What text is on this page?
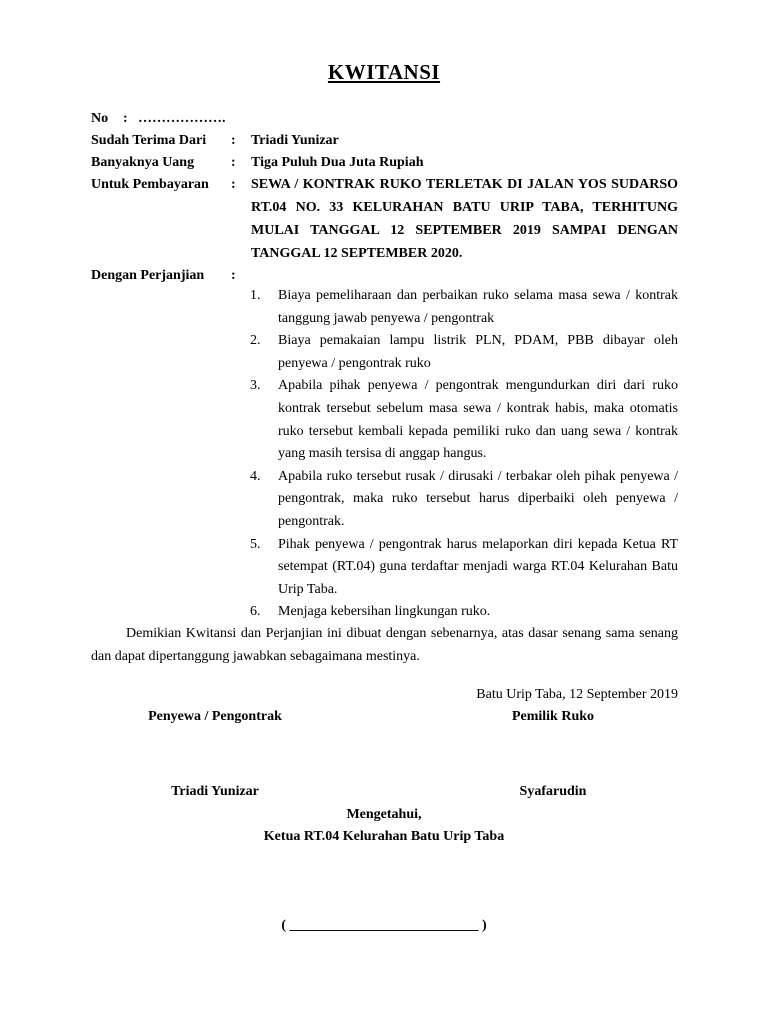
KWITANSI
No : ……………….
Sudah Terima Dari : Triadi Yunizar
Banyaknya Uang	: Tiga Puluh Dua Juta Rupiah
Untuk Pembayaran : SEWA / KONTRAK RUKO TERLETAK DI JALAN YOS SUDARSO RT.04 NO. 33 KELURAHAN BATU URIP TABA, TERHITUNG MULAI TANGGAL 12 SEPTEMBER 2019 SAMPAI DENGAN TANGGAL 12 SEPTEMBER 2020.
Dengan Perjanjian :
1. Biaya pemeliharaan dan perbaikan ruko selama masa sewa / kontrak tanggung jawab penyewa / pengontrak
2. Biaya pemakaian lampu listrik PLN, PDAM, PBB dibayar oleh penyewa / pengontrak ruko
3. Apabila pihak penyewa / pengontrak mengundurkan diri dari ruko kontrak tersebut sebelum masa sewa / kontrak habis, maka otomatis ruko tersebut kembali kepada pemiliki ruko dan uang sewa / kontrak yang masih tersisa di anggap hangus.
4. Apabila ruko tersebut rusak / dirusaki / terbakar oleh pihak penyewa / pengontrak, maka ruko tersebut harus diperbaiki oleh penyewa / pengontrak.
5. Pihak penyewa / pengontrak harus melaporkan diri kepada Ketua RT setempat (RT.04) guna terdaftar menjadi warga RT.04 Kelurahan Batu Urip Taba.
6. Menjaga kebersihan lingkungan ruko.
Demikian Kwitansi dan Perjanjian ini dibuat dengan sebenarnya, atas dasar senang sama senang dan dapat dipertanggung jawabkan sebagaimana mestinya.
Batu Urip Taba, 12 September 2019
Penyewa / Pengontrak	Pemilik Ruko
Triadi Yunizar	Syafarudin
Mengetahui,
Ketua RT.04 Kelurahan Batu Urip Taba
( ___________________________ )
